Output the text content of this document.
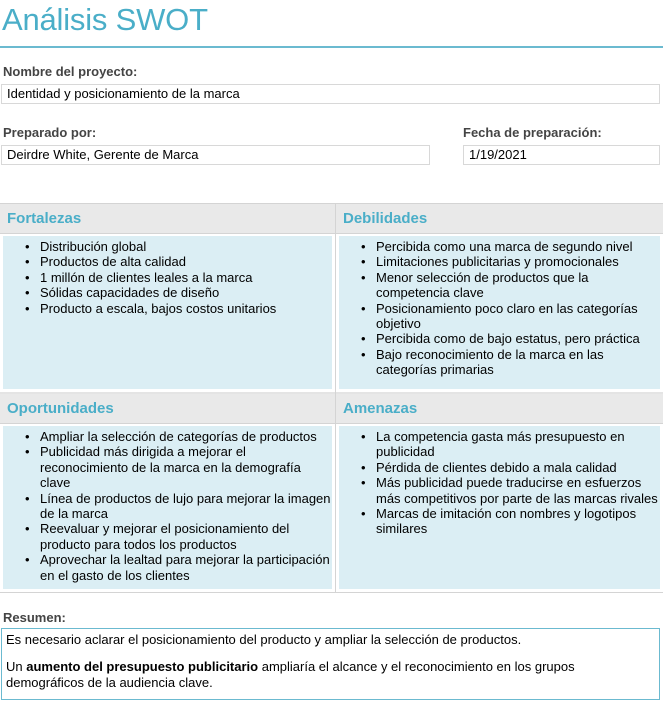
Análisis SWOT
Nombre del proyecto:
Identidad y posicionamiento de la marca
Preparado por:
Deirdre White, Gerente de Marca
Fecha de preparación:
1/19/2021
Fortalezas
• Distribución global
• Productos de alta calidad
• 1 millón de clientes leales a la marca
• Sólidas capacidades de diseño
• Producto a escala, bajos costos unitarios
Debilidades
• Percibida como una marca de segundo nivel
• Limitaciones publicitarias y promocionales
• Menor selección de productos que la competencia clave
• Posicionamiento poco claro en las categorías objetivo
• Percibida como de bajo estatus, pero práctica
• Bajo reconocimiento de la marca en las categorías primarias
Oportunidades
• Ampliar la selección de categorías de productos
• Publicidad más dirigida a mejorar el reconocimiento de la marca en la demografía clave
• Línea de productos de lujo para mejorar la imagen de la marca
• Reevaluar y mejorar el posicionamiento del producto para todos los productos
• Aprovechar la lealtad para mejorar la participación en el gasto de los clientes
Amenazas
• La competencia gasta más presupuesto en publicidad
• Pérdida de clientes debido a mala calidad
• Más publicidad puede traducirse en esfuerzos más competitivos por parte de las marcas rivales
• Marcas de imitación con nombres y logotipos similares
Resumen:

Es necesario aclarar el posicionamiento del producto y ampliar la selección de productos.

Un aumento del presupuesto publicitario ampliaría el alcance y el reconocimiento en los grupos demográficos de la audiencia clave.
